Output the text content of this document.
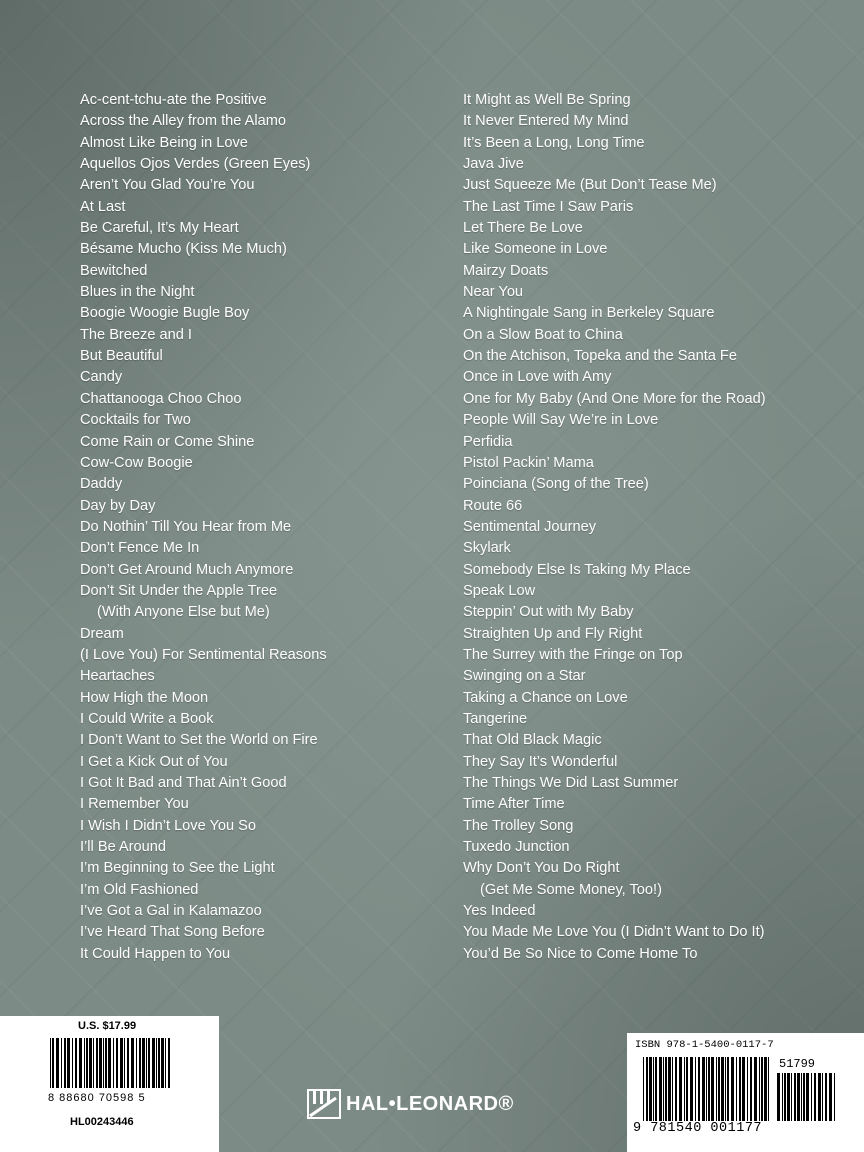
Ac-cent-tchu-ate the Positive
Across the Alley from the Alamo
Almost Like Being in Love
Aquellos Ojos Verdes (Green Eyes)
Aren’t You Glad You’re You
At Last
Be Careful, It’s My Heart
Bésame Mucho (Kiss Me Much)
Bewitched
Blues in the Night
Boogie Woogie Bugle Boy
The Breeze and I
But Beautiful
Candy
Chattanooga Choo Choo
Cocktails for Two
Come Rain or Come Shine
Cow-Cow Boogie
Daddy
Day by Day
Do Nothin’ Till You Hear from Me
Don’t Fence Me In
Don’t Get Around Much Anymore
Don’t Sit Under the Apple Tree
(With Anyone Else but Me)
Dream
(I Love You) For Sentimental Reasons
Heartaches
How High the Moon
I Could Write a Book
I Don’t Want to Set the World on Fire
I Get a Kick Out of You
I Got It Bad and That Ain’t Good
I Remember You
I Wish I Didn’t Love You So
I’ll Be Around
I’m Beginning to See the Light
I’m Old Fashioned
I’ve Got a Gal in Kalamazoo
I’ve Heard That Song Before
It Could Happen to You
It Might as Well Be Spring
It Never Entered My Mind
It’s Been a Long, Long Time
Java Jive
Just Squeeze Me (But Don’t Tease Me)
The Last Time I Saw Paris
Let There Be Love
Like Someone in Love
Mairzy Doats
Near You
A Nightingale Sang in Berkeley Square
On a Slow Boat to China
On the Atchison, Topeka and the Santa Fe
Once in Love with Amy
One for My Baby (And One More for the Road)
People Will Say We’re in Love
Perfidia
Pistol Packin’ Mama
Poinciana (Song of the Tree)
Route 66
Sentimental Journey
Skylark
Somebody Else Is Taking My Place
Speak Low
Steppin’ Out with My Baby
Straighten Up and Fly Right
The Surrey with the Fringe on Top
Swinging on a Star
Taking a Chance on Love
Tangerine
That Old Black Magic
They Say It’s Wonderful
The Things We Did Last Summer
Time After Time
The Trolley Song
Tuxedo Junction
Why Don’t You Do Right
(Get Me Some Money, Too!)
Yes Indeed
You Made Me Love You (I Didn’t Want to Do It)
You’d Be So Nice to Come Home To
U.S. $17.99
8 88680 70598 5
HL00243446
ISBN 978-1-5400-0117-7
51799
9 781540 001177
HAL•LEONARD®
